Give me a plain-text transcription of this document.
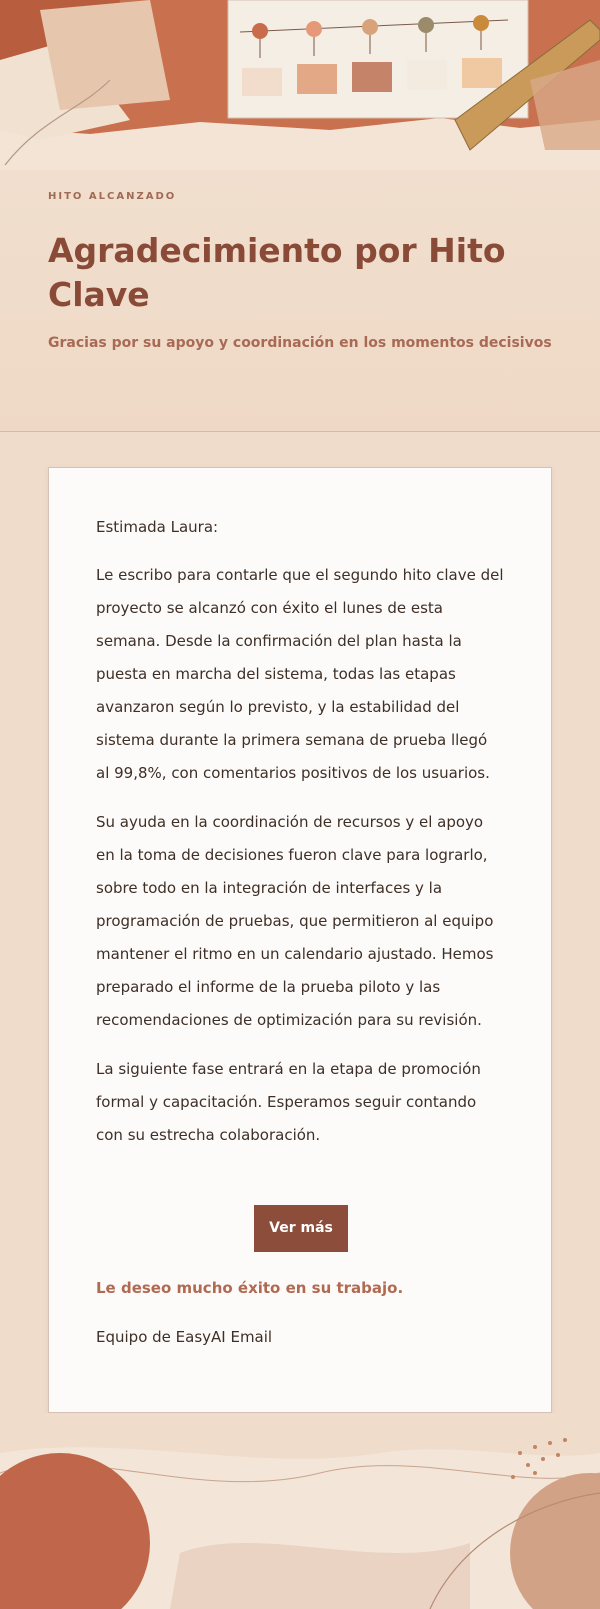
HITO ALCANZADO
Agradecimiento por Hito Clave
Gracias por su apoyo y coordinación en los momentos decisivos

Estimada Laura:

Le escribo para contarle que el segundo hito clave del proyecto se alcanzó con éxito el lunes de esta semana. Desde la confirmación del plan hasta la puesta en marcha del sistema, todas las etapas avanzaron según lo previsto, y la estabilidad del sistema durante la primera semana de prueba llegó al 99,8%, con comentarios positivos de los usuarios.

Su ayuda en la coordinación de recursos y el apoyo en la toma de decisiones fueron clave para lograrlo, sobre todo en la integración de interfaces y la programación de pruebas, que permitieron al equipo mantener el ritmo en un calendario ajustado. Hemos preparado el informe de la prueba piloto y las recomendaciones de optimización para su revisión.

La siguiente fase entrará en la etapa de promoción formal y capacitación. Esperamos seguir contando con su estrecha colaboración.

Ver más
Le deseo mucho éxito en su trabajo.
Equipo de EasyAI Email
